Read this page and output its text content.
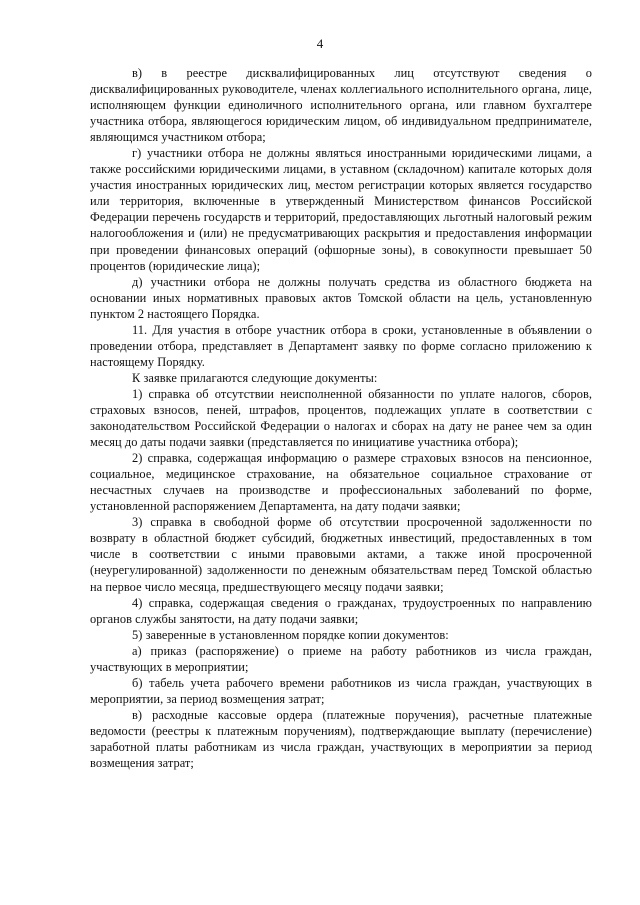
4

в) в реестре дисквалифицированных лиц отсутствуют сведения о дисквалифицированных руководителе, членах коллегиального исполнительного органа, лице, исполняющем функции единоличного исполнительного органа, или главном бухгалтере участника отбора, являющегося юридическим лицом, об индивидуальном предпринимателе, являющимся участником отбора;

г) участники отбора не должны являться иностранными юридическими лицами, а также российскими юридическими лицами, в уставном (складочном) капитале которых доля участия иностранных юридических лиц, местом регистрации которых является государство или территория, включенные в утвержденный Министерством финансов Российской Федерации перечень государств и территорий, предоставляющих льготный налоговый режим налогообложения и (или) не предусматривающих раскрытия и предоставления информации при проведении финансовых операций (офшорные зоны), в совокупности превышает 50 процентов (юридические лица);

д) участники отбора не должны получать средства из областного бюджета на основании иных нормативных правовых актов Томской области на цель, установленную пунктом 2 настоящего Порядка.

11. Для участия в отборе участник отбора в сроки, установленные в объявлении о проведении отбора, представляет в Департамент заявку по форме согласно приложению к настоящему Порядку.

К заявке прилагаются следующие документы:

1) справка об отсутствии неисполненной обязанности по уплате налогов, сборов, страховых взносов, пеней, штрафов, процентов, подлежащих уплате в соответствии с законодательством Российской Федерации о налогах и сборах на дату не ранее чем за один месяц до даты подачи заявки (представляется по инициативе участника отбора);

2) справка, содержащая информацию о размере страховых взносов на пенсионное, социальное, медицинское страхование, на обязательное социальное страхование от несчастных случаев на производстве и профессиональных заболеваний по форме, установленной распоряжением Департамента, на дату подачи заявки;

3) справка в свободной форме об отсутствии просроченной задолженности по возврату в областной бюджет субсидий, бюджетных инвестиций, предоставленных в том числе в соответствии с иными правовыми актами, а также иной просроченной (неурегулированной) задолженности по денежным обязательствам перед Томской областью на первое число месяца, предшествующего месяцу подачи заявки;

4) справка, содержащая сведения о гражданах, трудоустроенных по направлению органов службы занятости, на дату подачи заявки;

5) заверенные в установленном порядке копии документов:

а) приказ (распоряжение) о приеме на работу работников из числа граждан, участвующих в мероприятии;

б) табель учета рабочего времени работников из числа граждан, участвующих в мероприятии, за период возмещения затрат;

в) расходные кассовые ордера (платежные поручения), расчетные платежные ведомости (реестры к платежным поручениям), подтверждающие выплату (перечисление) заработной платы работникам из числа граждан, участвующих в мероприятии за период возмещения затрат;
